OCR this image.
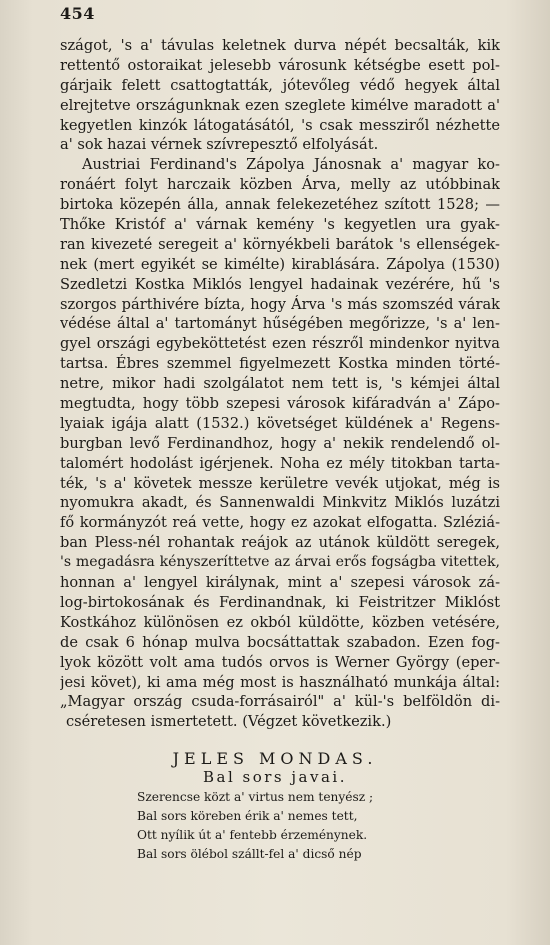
454
szágot, 's a' távulas keletnek durva népét becsalták, kik
rettentő ostoraikat jelesebb városunk kétségbe esett pol-
gárjaik felett csattogtatták, jótevőleg védő hegyek által
elrejtetve országunknak ezen szeglete kimélve maradott a'
kegyetlen kinzók látogatásától, 's csak messziről nézhette
a' sok hazai vérnek szívrepesztő elfolyását.
Austriai Ferdinand's Zápolya Jánosnak a' magyar ko-
ronáért folyt harczaik közben Árva, melly az utóbbinak
birtoka közepén álla, annak felekezetéhez szított 1528; —
Thőke Kristóf a' várnak kemény 's kegyetlen ura gyak-
ran kivezeté seregeit a' környékbeli barátok 's ellenségek-
nek (mert egyikét se kimélte) kirablására. Zápolya (1530)
Szedletzi Kostka Miklós lengyel hadainak vezérére, hű 's
szorgos párthivére bízta, hogy Árva 's más szomszéd várak
védése által a' tartományt hűségében megőrizze, 's a' len-
gyel országi egybeköttetést ezen részről mindenkor nyitva
tartsa. Ébres szemmel figyelmezett Kostka minden törté-
netre, mikor hadi szolgálatot nem tett is, 's kémjei által
megtudta, hogy több szepesi városok kifáradván a' Zápo-
lyaiak igája alatt (1532.) követséget küldének a' Regens-
burgban levő Ferdinandhoz, hogy a' nekik rendelendő ol-
talomért hodolást igérjenek. Noha ez mély titokban tarta-
ték, 's a' követek messze kerületre vevék utjokat, még is
nyomukra akadt, és Sannenwaldi Minkvitz Miklós luzátzi
fő kormányzót reá vette, hogy ez azokat elfogatta. Szléziá-
ban Pless-nél rohantak reájok az utánok küldött seregek,
's megadásra kényszeríttetve az árvai erős fogságba vitettek,
honnan a' lengyel királynak, mint a' szepesi városok zá-
log-birtokosának és Ferdinandnak, ki Feistritzer Miklóst
Kostkához különösen ez okból küldötte, közben vetésére,
de csak 6 hónap mulva bocsáttattak szabadon. Ezen fog-
lyok között volt ama tudós orvos is Werner György (eper-
jesi követ), ki ama még most is használható munkája által:
„Magyar ország csuda-forrásairól" a' kül-'s belföldön di-
cséretesen ismertetett. (Végzet következik.)
JELES MONDAS.
Bal sors javai.
Szerencse közt a' virtus nem tenyész ;
Bal sors köreben érik a' nemes tett,
Ott nyílik út a' fentebb érzeménynek.
Bal sors ölébol szállt-fel a' dicső nép
